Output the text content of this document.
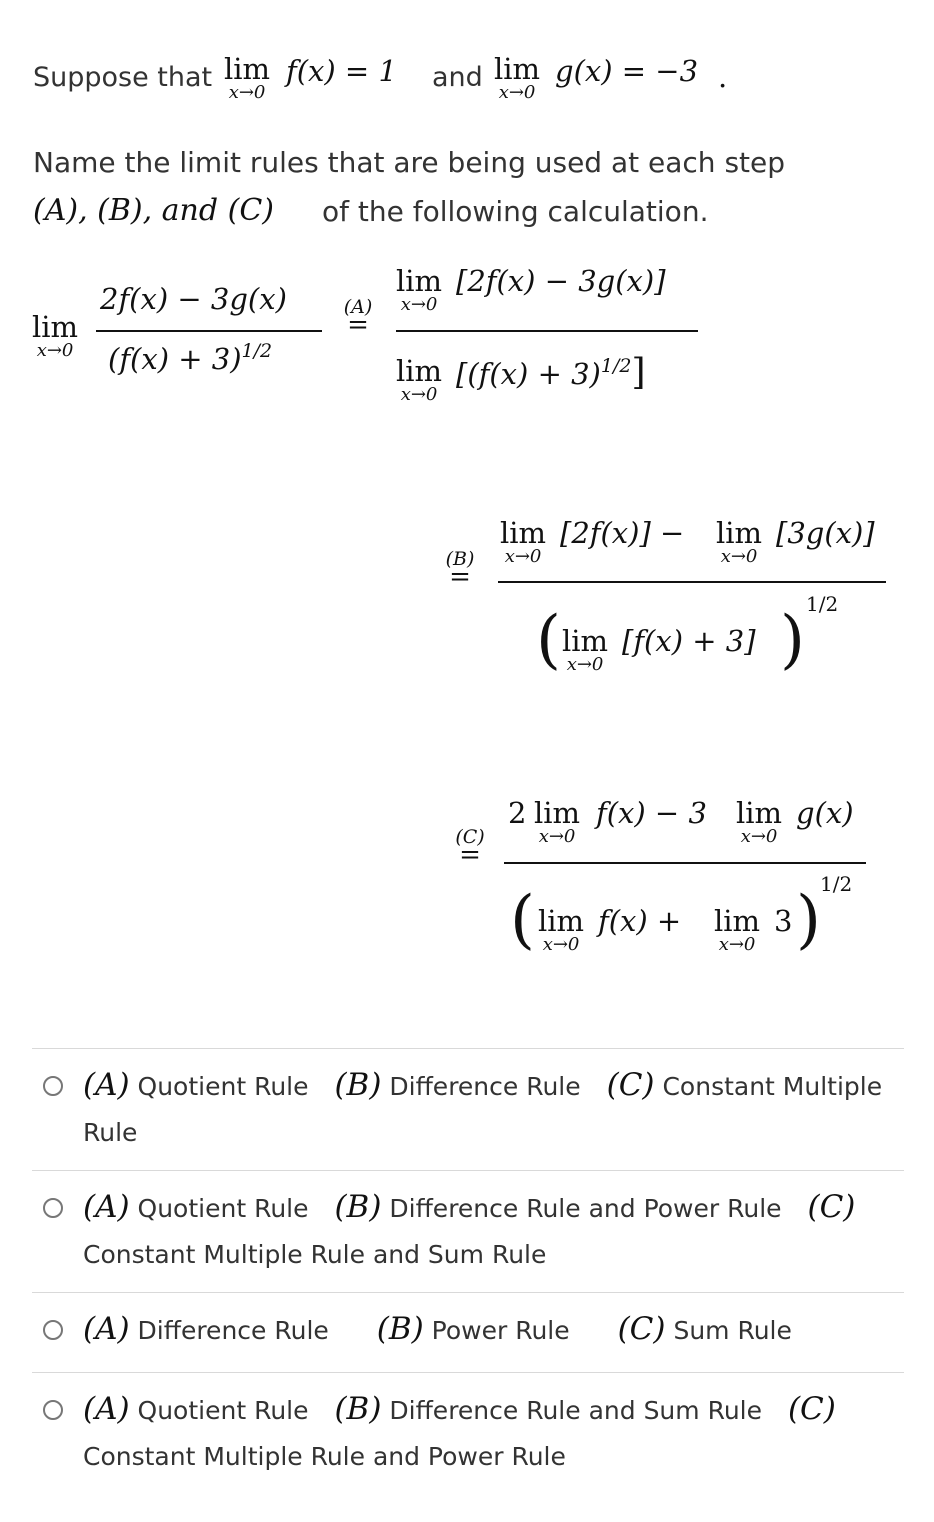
Suppose that lim
x→0
f(x) = 1 and lim
x→0
g(x) = −3 .
Name the limit rules that are being used at each step
(A), (B), and (C) of the following calculation.
lim
x→0
2f(x) − 3g(x)
$(f(x) + 3)^{1/2}$
(A)
=
lim
x→0
[2f(x) − 3g(x)]
lim
x→0
$[(f(x) + 3)^{1/2}]$
(B)
=
lim
x→0
[2f(x)] − lim
x→0
[3g(x)]
( lim
x→0
[f(x) + 3] ) 1/2
(C)
=
2 lim
x→0
f(x) − 3 lim
x→0
g(x)
( lim
x→0
f(x) + lim
x→0
3 ) 1/2
(A) Quotient Rule (B) Difference Rule (C) Constant Multiple Rule
(A) Quotient Rule (B) Difference Rule and Power Rule (C) Constant Multiple Rule and Sum Rule
(A) Difference Rule (B) Power Rule (C) Sum Rule
(A) Quotient Rule (B) Difference Rule and Sum Rule (C) Constant Multiple Rule and Power Rule
